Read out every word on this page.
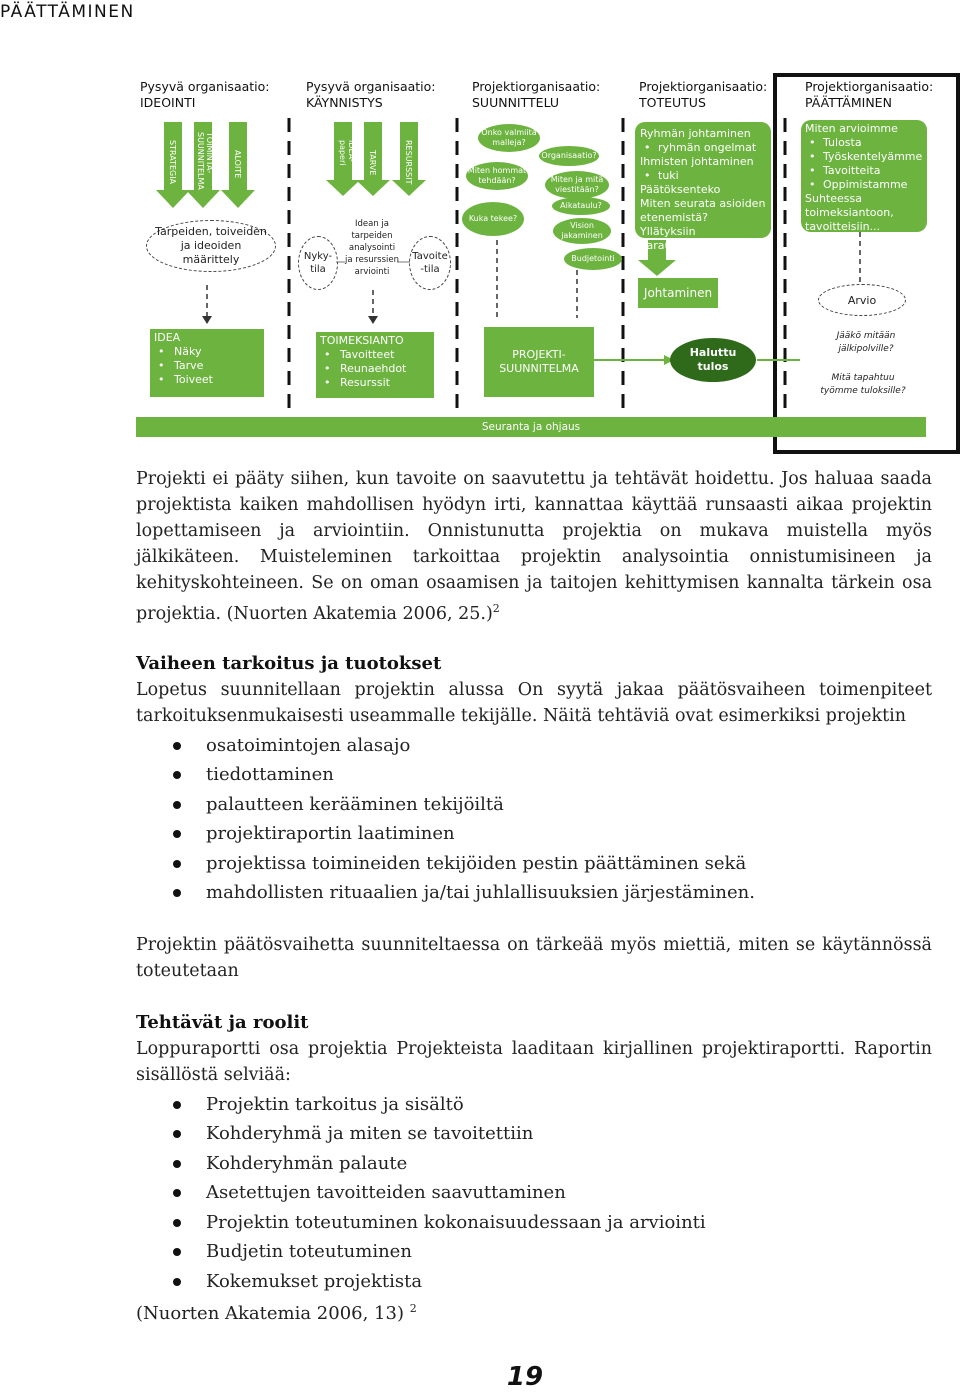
PÄÄTTÄMINEN
Pysyvä organisaatio:
IDEOINTI
Pysyvä organisaatio:
KÄYNNISTYS
Projektiorganisaatio:
SUUNNITTELU
Projektiorganisaatio:
TOTEUTUS
Projektiorganisaatio:
PÄÄTTÄMINEN
STRATEGIA	TOIMINTA-SUUNNITELMA	ALOITE	IDEA-paperi	TARVE	RESURSSIT
Tarpeiden, toiveiden ja ideoiden määrittely	Nyky-tila
Idean ja tarpeiden analysointi ja resurssien arviointi
Tavoite -tila
Onko valmiita malleja?
Organisaatio?
Miten hommat tehdään?	Miten ja mitä viestitään?
Aikataulu?
Kuka tekee?
Vision jakaminen
Budjetointi
Ryhmän johtaminen
• ryhmän ongelmat
Ihmisten johtaminen
• tuki
Päätöksenteko
Miten seurata asioiden etenemistä?
Yllätyksiin varautuminen
Johtaminen
Miten arvioimme
• Tulosta
• Työskentelyämme
• Tavoitteita
• Oppimistamme
Suhteessa toimeksiantoon, tavoitteisiin...
Arvio
IDEA
• Näky
• Tarve
• Toiveet
TOIMEKSIANTO
• Tavoitteet
• Reunaehdot
• Resurssit
PROJEKTI-SUUNNITELMA
Haluttu tulos
Jääkö mitään jälkipolville?
Mitä tapahtuu työmme tuloksille?
Seuranta ja ohjaus

Projekti ei pääty siihen, kun tavoite on saavutettu ja tehtävät hoidettu. Jos haluaa saada projektista kaiken mahdollisen hyödyn irti, kannattaa käyttää runsaasti aikaa projektin lopettamiseen ja arviointiin. Onnistunutta projektia on mukava muistella myös jälkikäteen. Muisteleminen tarkoittaa projektin analysointia onnistumisineen ja kehityskohteineen. Se on oman osaamisen ja taitojen kehittymisen kannalta tärkein osa projektia. (Nuorten Akatemia 2006, 25.)$^2$

Vaiheen tarkoitus ja tuotokset

Lopetus suunnitellaan projektin alussa On syytä jakaa päätösvaiheen toimenpiteet tarkoituksenmukaisesti useammalle tekijälle. Näitä tehtäviä ovat esimerkiksi projektin

osatoimintojen alasajo
tiedottaminen
palautteen kerääminen tekijöiltä
projektiraportin laatiminen
projektissa toimineiden tekijöiden pestin päättäminen sekä
mahdollisten rituaalien ja/tai juhlallisuuksien järjestäminen.

Projektin päätösvaihetta suunniteltaessa on tärkeää myös miettiä, miten se käytännössä toteutetaan

Tehtävät ja roolit

Loppuraportti osa projektia Projekteista laaditaan kirjallinen projektiraportti. Raportin sisällöstä selviää:

Projektin tarkoitus ja sisältö
Kohderyhmä ja miten se tavoitettiin
Kohderyhmän palaute
Asetettujen tavoitteiden saavuttaminen
Projektin toteutuminen kokonaisuudessaan ja arviointi
Budjetin toteutuminen
Kokemukset projektista

(Nuorten Akatemia 2006, 13) $^2$

19
